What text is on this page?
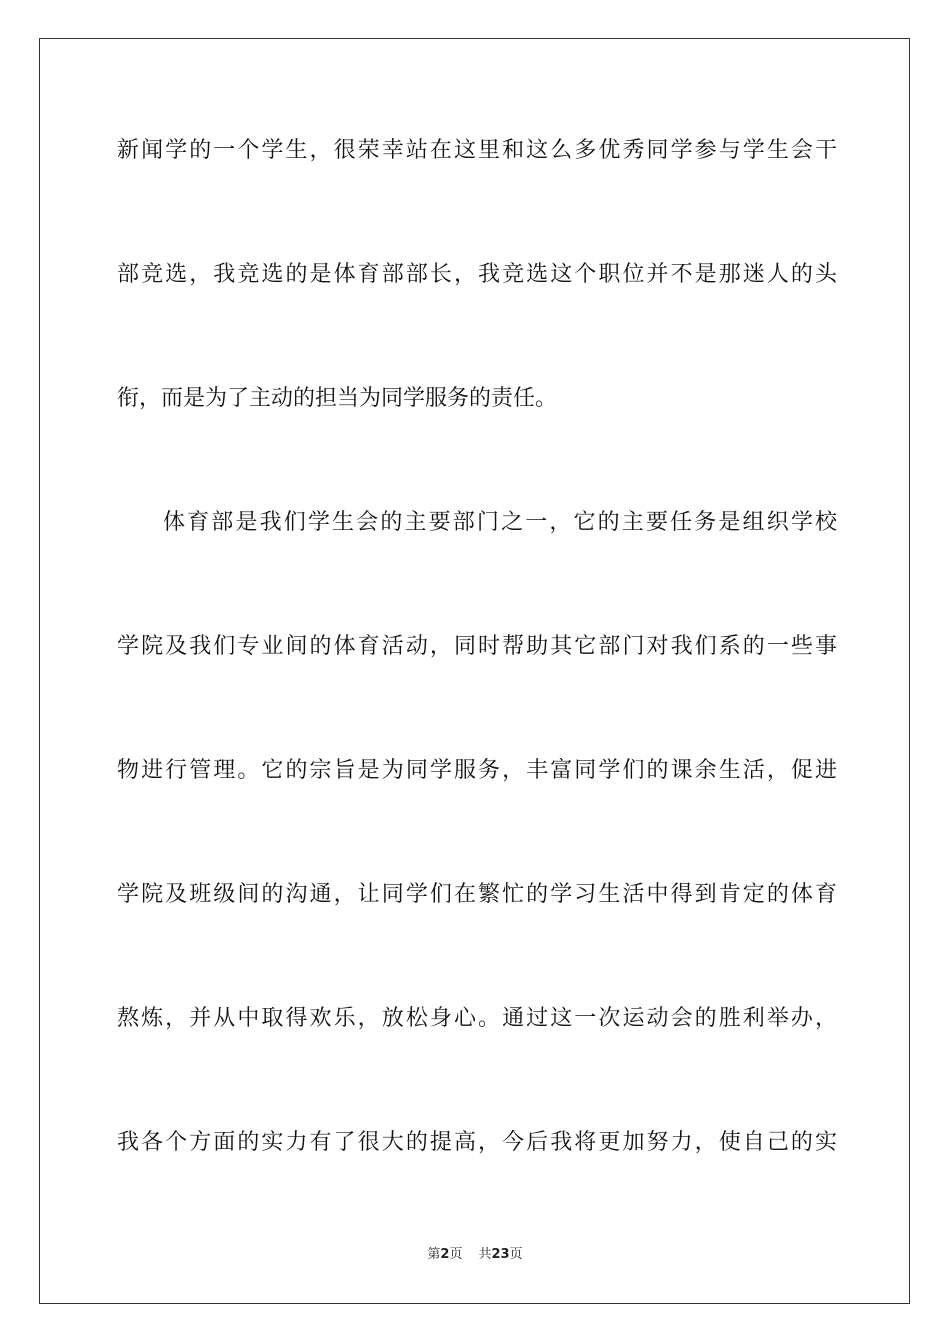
新闻学的一个学生，很荣幸站在这里和这么多优秀同学参与学生会干
部竞选，我竞选的是体育部部长，我竞选这个职位并不是那迷人的头
衔，而是为了主动的担当为同学服务的责任。
体育部是我们学生会的主要部门之一，它的主要任务是组织学校
学院及我们专业间的体育活动，同时帮助其它部门对我们系的一些事
物进行管理。它的宗旨是为同学服务，丰富同学们的课余生活，促进
学院及班级间的沟通，让同学们在繁忙的学习生活中得到肯定的体育
熬炼，并从中取得欢乐，放松身心。通过这一次运动会的胜利举办，
我各个方面的实力有了很大的提高，今后我将更加努力，使自己的实
第2页 共23页
